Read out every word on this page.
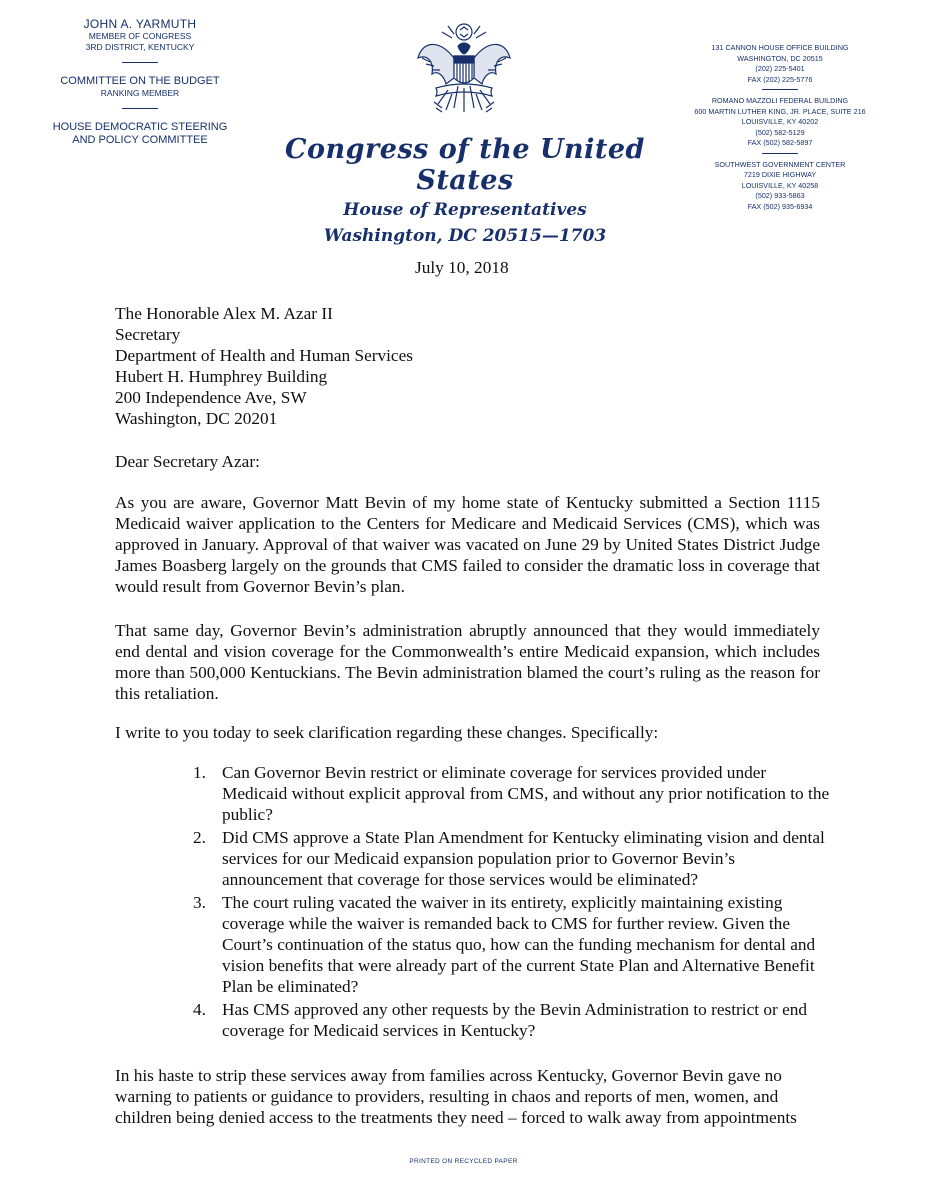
JOHN A. YARMUTH
MEMBER OF CONGRESS
3RD DISTRICT, KENTUCKY
COMMITTEE ON THE BUDGET
RANKING MEMBER
HOUSE DEMOCRATIC STEERING
AND POLICY COMMITTEE	Congress of the United States
House of Representatives
Washington, DC 20515—1703
131 CANNON HOUSE OFFICE BUILDING
WASHINGTON, DC 20515
(202) 225-5401
FAX (202) 225-5776
ROMANO MAZZOLI FEDERAL BUILDING
600 MARTIN LUTHER KING, JR. PLACE, SUITE 216
LOUISVILLE, KY 40202
(502) 582-5129
FAX (502) 582-5897
SOUTHWEST GOVERNMENT CENTER
7219 DIXIE HIGHWAY
LOUISVILLE, KY 40258
(502) 933-5863
FAX (502) 935-6934
July 10, 2018
The Honorable Alex M. Azar II
Secretary
Department of Health and Human Services
Hubert H. Humphrey Building
200 Independence Ave, SW
Washington, DC 20201
Dear Secretary Azar:
As you are aware, Governor Matt Bevin of my home state of Kentucky submitted a Section 1115 Medicaid waiver application to the Centers for Medicare and Medicaid Services (CMS), which was approved in January. Approval of that waiver was vacated on June 29 by United States District Judge James Boasberg largely on the grounds that CMS failed to consider the dramatic loss in coverage that would result from Governor Bevin’s plan.
That same day, Governor Bevin’s administration abruptly announced that they would immediately end dental and vision coverage for the Commonwealth’s entire Medicaid expansion, which includes more than 500,000 Kentuckians. The Bevin administration blamed the court’s ruling as the reason for this retaliation.
I write to you today to seek clarification regarding these changes. Specifically:
1. Can Governor Bevin restrict or eliminate coverage for services provided under Medicaid without explicit approval from CMS, and without any prior notification to the public?
2. Did CMS approve a State Plan Amendment for Kentucky eliminating vision and dental services for our Medicaid expansion population prior to Governor Bevin’s announcement that coverage for those services would be eliminated?
3. The court ruling vacated the waiver in its entirety, explicitly maintaining existing coverage while the waiver is remanded back to CMS for further review. Given the Court’s continuation of the status quo, how can the funding mechanism for dental and vision benefits that were already part of the current State Plan and Alternative Benefit Plan be eliminated?
4. Has CMS approved any other requests by the Bevin Administration to restrict or end coverage for Medicaid services in Kentucky?
In his haste to strip these services away from families across Kentucky, Governor Bevin gave no warning to patients or guidance to providers, resulting in chaos and reports of men, women, and children being denied access to the treatments they need – forced to walk away from appointments
PRINTED ON RECYCLED PAPER
